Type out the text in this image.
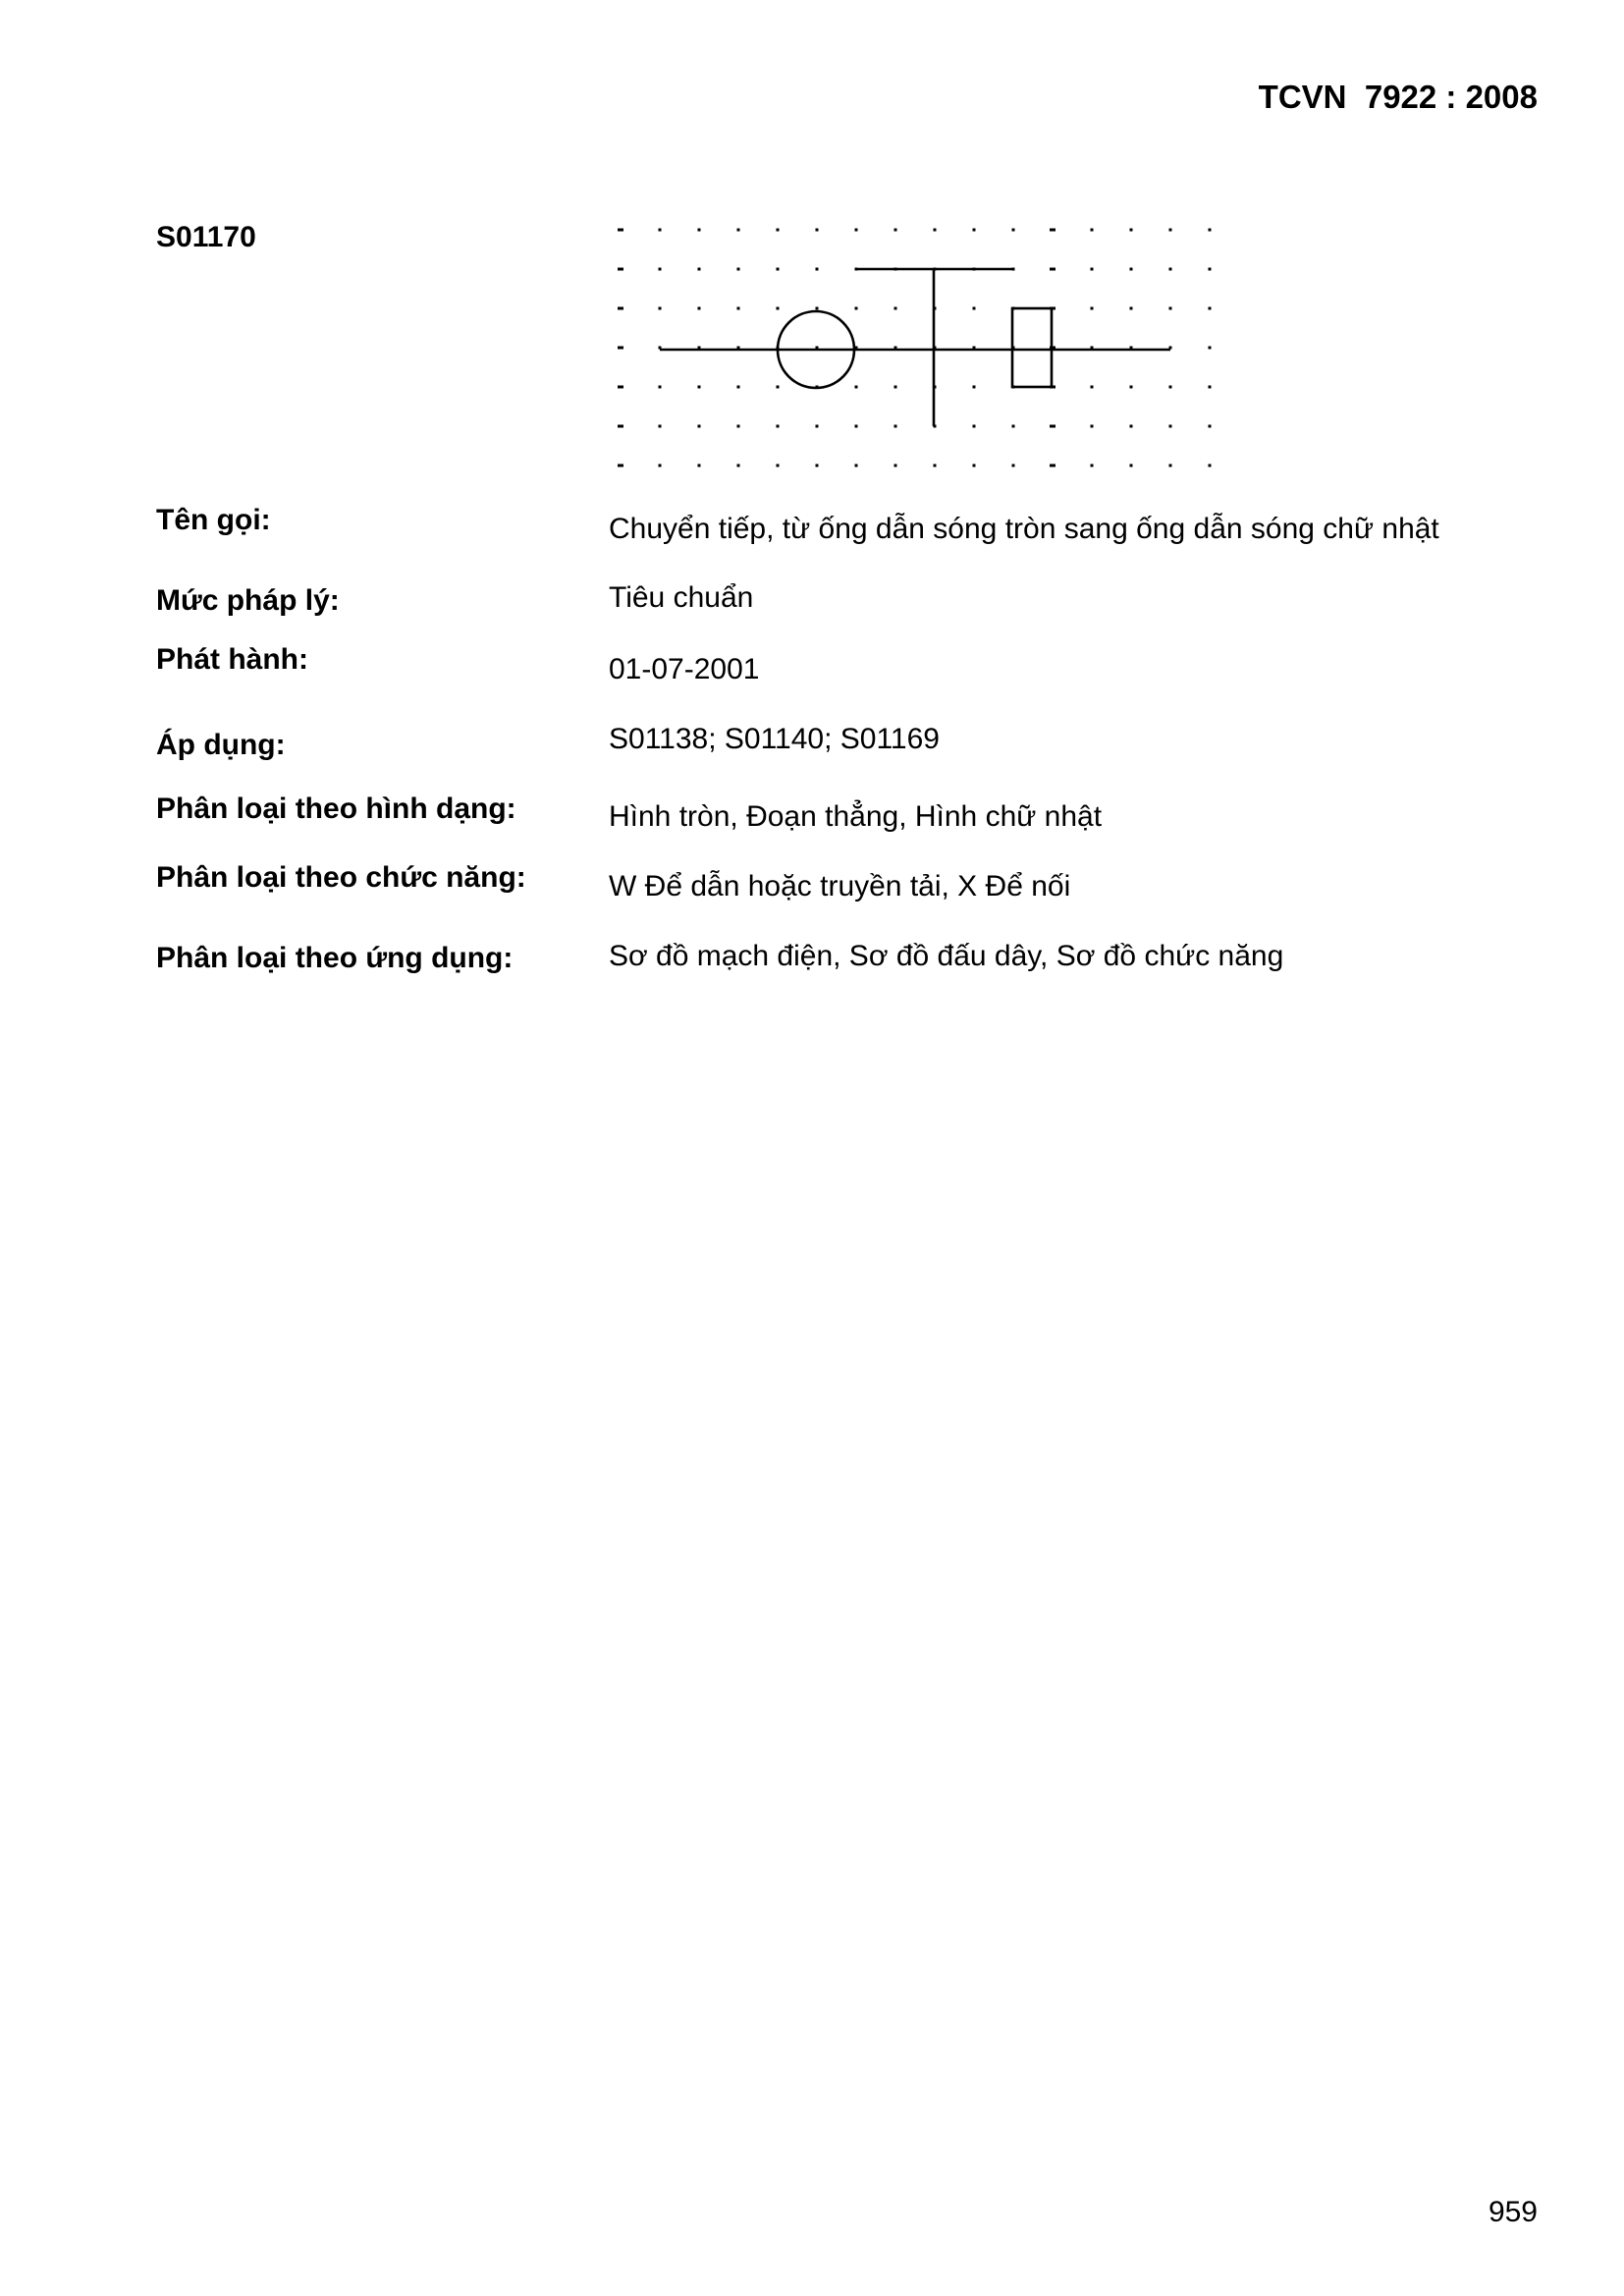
TCVN  7922 : 2008
S01170
Tên gọi:	Chuyển tiếp, từ ống dẫn sóng tròn sang ống dẫn sóng chữ nhật
Mức pháp lý:	Tiêu chuẩn
Phát hành:	01-07-2001
Áp dụng:	S01138; S01140; S01169
Phân loại theo hình dạng:	Hình tròn, Đoạn thẳng, Hình chữ nhật
Phân loại theo chức năng:	W Để dẫn hoặc truyền tải, X Để nối
Phân loại theo ứng dụng:	Sơ đồ mạch điện, Sơ đồ đấu dây, Sơ đồ chức năng
959
